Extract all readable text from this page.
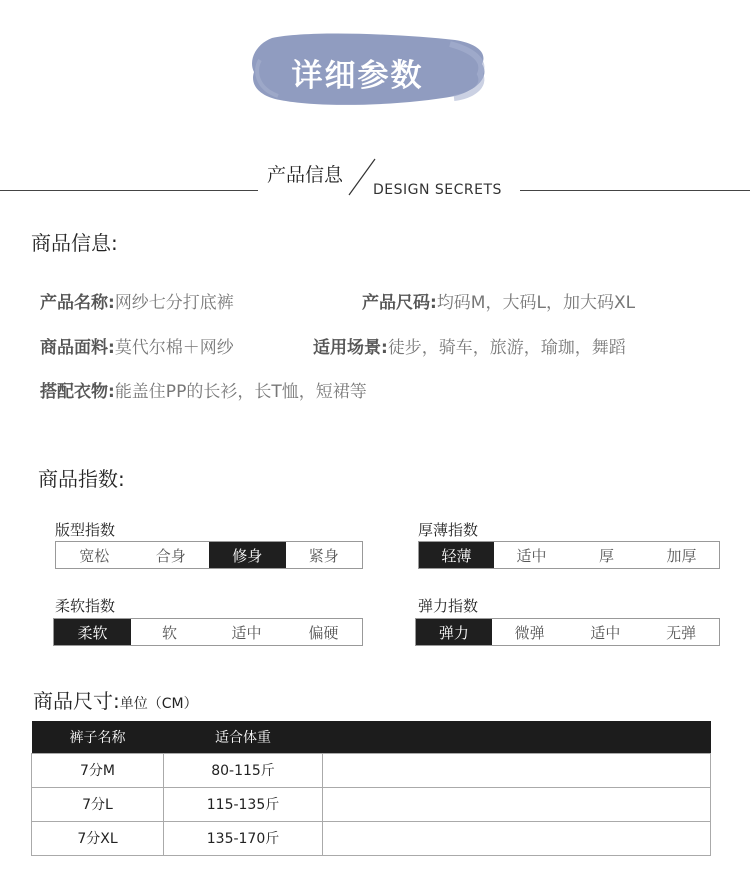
详细参数
产品信息
DESIGN SECRETS
商品信息:
产品名称:网纱七分打底裤	产品尺码:均码M，大码L，加大码XL
商品面料:莫代尔棉＋网纱	适用场景:徒步，骑车，旅游，瑜珈，舞蹈
搭配衣物:能盖住PP的长衫，长T恤，短裙等
商品指数:
版型指数
宽松	合身	修身	紧身
厚薄指数
轻薄	适中	厚	加厚
柔软指数
柔软	软	适中	偏硬
弹力指数
弹力	微弹	适中	无弹
商品尺寸:单位（CM）
裤子名称	适合体重	
7分M	80-115斤	
7分L	115-135斤	
7分XL	135-170斤	
